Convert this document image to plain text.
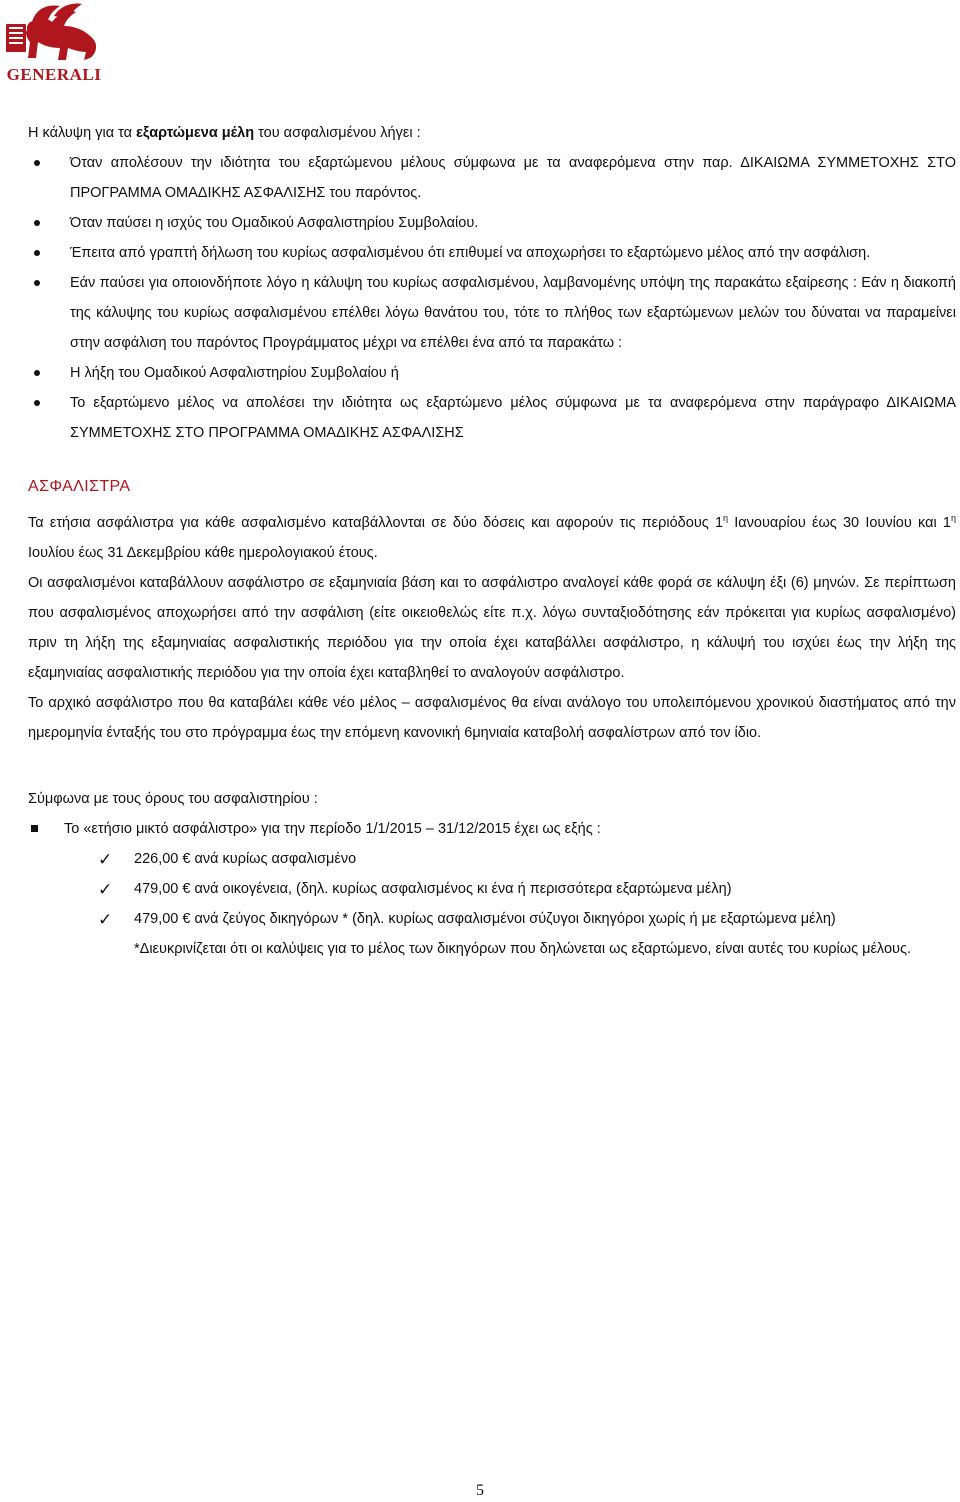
GENERALI

Η κάλυψη για τα εξαρτώμενα μέλη του ασφαλισμένου λήγει :

Όταν απολέσουν την ιδιότητα του εξαρτώμενου μέλους σύμφωνα με τα αναφερόμενα στην παρ. ΔΙΚΑΙΩΜΑ ΣΥΜΜΕΤΟΧΗΣ ΣΤΟ ΠΡΟΓΡΑΜΜΑ ΟΜΑΔΙΚΗΣ ΑΣΦΑΛΙΣΗΣ του παρόντος.
Όταν παύσει η ισχύς του Ομαδικού Ασφαλιστηρίου Συμβολαίου.
Έπειτα από γραπτή δήλωση του κυρίως ασφαλισμένου ότι επιθυμεί να αποχωρήσει το εξαρτώμενο μέλος από την ασφάλιση.
Εάν παύσει για οποιονδήποτε λόγο η κάλυψη του κυρίως ασφαλισμένου, λαμβανομένης υπόψη της παρακάτω εξαίρεσης : Εάν η διακοπή της κάλυψης του κυρίως ασφαλισμένου επέλθει λόγω θανάτου του, τότε το πλήθος των εξαρτώμενων μελών του δύναται να παραμείνει στην ασφάλιση του παρόντος Προγράμματος μέχρι να επέλθει ένα από τα παρακάτω :
Η λήξη του Ομαδικού Ασφαλιστηρίου Συμβολαίου ή
Το εξαρτώμενο μέλος να απολέσει την ιδιότητα ως εξαρτώμενο μέλος σύμφωνα με τα αναφερόμενα στην παράγραφο ΔΙΚΑΙΩΜΑ ΣΥΜΜΕΤΟΧΗΣ ΣΤΟ ΠΡΟΓΡΑΜΜΑ ΟΜΑΔΙΚΗΣ ΑΣΦΑΛΙΣΗΣ
ΑΣΦΑΛΙΣΤΡΑ

Τα ετήσια ασφάλιστρα για κάθε ασφαλισμένο καταβάλλονται σε δύο δόσεις και αφορούν τις περιόδους $1^\eta$ Ιανουαρίου έως 30 Ιουνίου και $1^\eta$ Ιουλίου έως 31 Δεκεμβρίου κάθε ημερολογιακού έτους.

Οι ασφαλισμένοι καταβάλλουν ασφάλιστρο σε εξαμηνιαία βάση και το ασφάλιστρο αναλογεί κάθε φορά σε κάλυψη έξι (6) μηνών. Σε περίπτωση που ασφαλισμένος αποχωρήσει από την ασφάλιση (είτε οικειοθελώς είτε π.χ. λόγω συνταξιοδότησης εάν πρόκειται για κυρίως ασφαλισμένο) πριν τη λήξη της εξαμηνιαίας ασφαλιστικής περιόδου για την οποία έχει καταβάλλει ασφάλιστρο, η κάλυψή του ισχύει έως την λήξη της εξαμηνιαίας ασφαλιστικής περιόδου για την οποία έχει καταβληθεί το αναλογούν ασφάλιστρο.

Το αρχικό ασφάλιστρο που θα καταβάλει κάθε νέο μέλος – ασφαλισμένος θα είναι ανάλογο του υπολειπόμενου χρονικού διαστήματος από την ημερομηνία ένταξής του στο πρόγραμμα έως την επόμενη κανονική 6μηνιαία καταβολή ασφαλίστρων από τον ίδιο.

Σύμφωνα με τους όρους του ασφαλιστηρίου :

Το «ετήσιο μικτό ασφάλιστρο» για την περίοδο 1/1/2015 – 31/12/2015 έχει ως εξής :
✓ 226,00 € ανά κυρίως ασφαλισμένο
✓ 479,00 € ανά οικογένεια, (δηλ. κυρίως ασφαλισμένος κι ένα ή περισσότερα εξαρτώμενα μέλη)
✓ 479,00 € ανά ζεύγος δικηγόρων * (δηλ. κυρίως ασφαλισμένοι σύζυγοι δικηγόροι χωρίς ή με εξαρτώμενα μέλη)
*Διευκρινίζεται ότι οι καλύψεις για το μέλος των δικηγόρων που δηλώνεται ως εξαρτώμενο, είναι αυτές του κυρίως μέλους.
5
